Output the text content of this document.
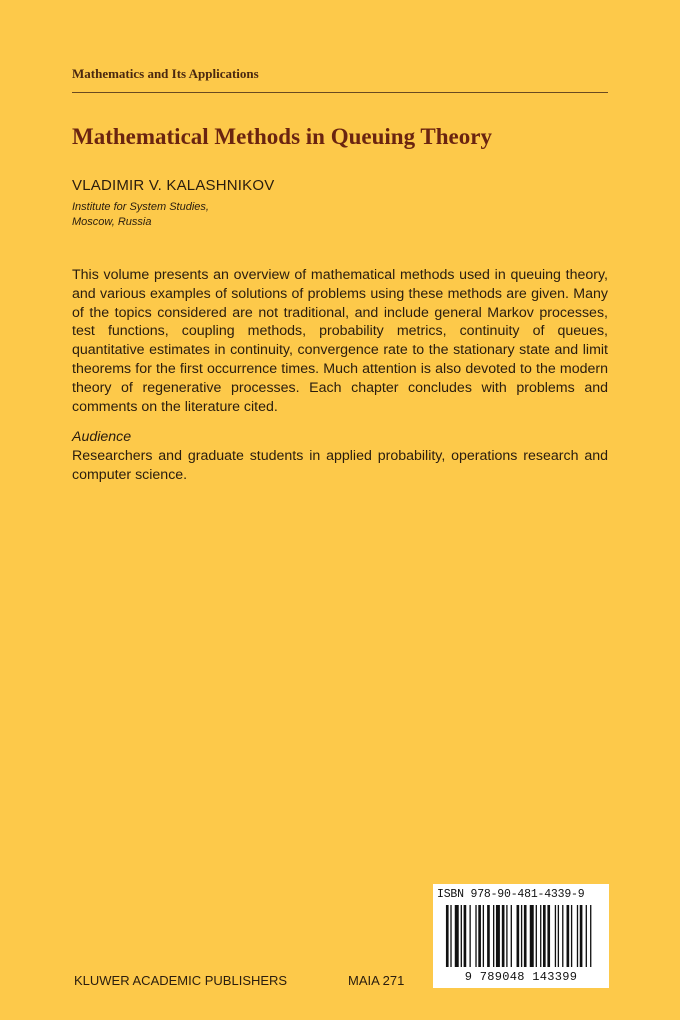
Mathematics and Its Applications
Mathematical Methods in Queuing Theory
VLADIMIR V. KALASHNIKOV
Institute for System Studies,
Moscow, Russia

This volume presents an overview of mathematical methods used in queuing theory, and various examples of solutions of problems using these methods are given. Many of the topics considered are not traditional, and include general Markov processes, test functions, coupling methods, probability metrics, continuity of queues, quantitative estimates in continuity, convergence rate to the stationary state and limit theorems for the first occurrence times. Much attention is also devoted to the modern theory of regenerative processes. Each chapter concludes with problems and comments on the literature cited.

Audience

Researchers and graduate students in applied probability, operations research and computer science.

KLUWER ACADEMIC PUBLISHERS	MAIA 271
ISBN 978-90-481-4339-9
9 789048 143399
